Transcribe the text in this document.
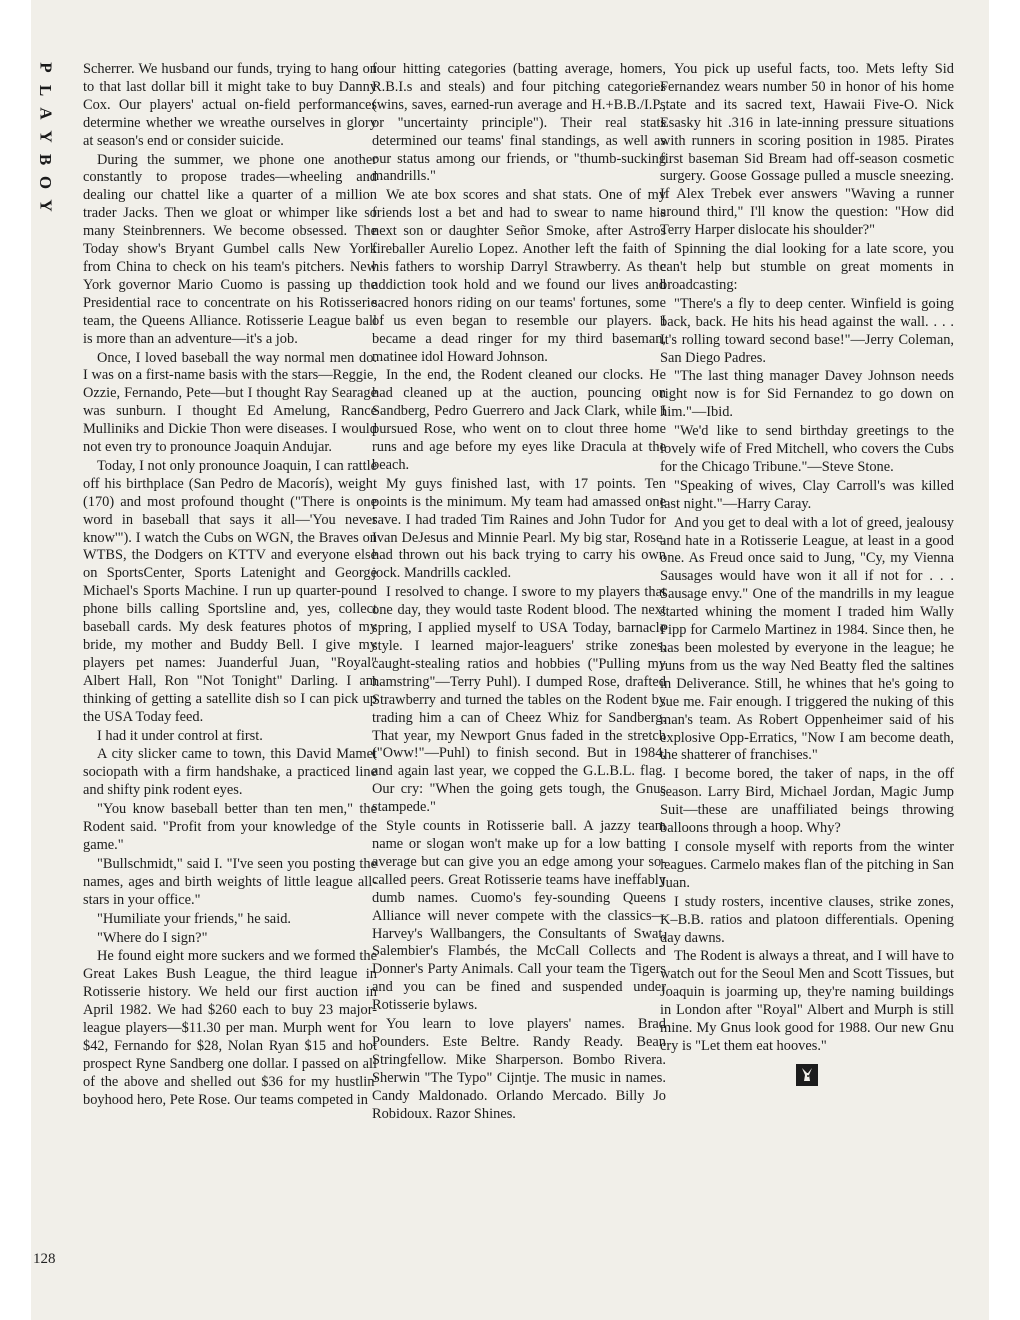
P
L
A
Y
B
O
Y

Scherrer. We husband our funds, trying to hang on to that last dollar bill it might take to buy Danny Cox. Our players' actual on-field performances determine whether we wreathe ourselves in glory at season's end or consider suicide.

During the summer, we phone one another constantly to propose trades—wheeling and dealing our chattel like a quarter of a million trader Jacks. Then we gloat or whimper like so many Steinbrenners. We become obsessed. The Today show's Bryant Gumbel calls New York from China to check on his team's pitchers. New York governor Mario Cuomo is passing up the Presidential race to concentrate on his Rotisserie team, the Queens Alliance. Rotisserie League ball is more than an adventure—it's a job.

Once, I loved baseball the way normal men do. I was on a first-name basis with the stars—Reggie, Ozzie, Fernando, Pete—but I thought Ray Searage was sunburn. I thought Ed Amelung, Rance Mulliniks and Dickie Thon were diseases. I would not even try to pronounce Joaquin Andujar.

Today, I not only pronounce Joaquin, I can rattle off his birthplace (San Pedro de Macorís), weight (170) and most profound thought ("There is one word in baseball that says it all—'You never know'"). I watch the Cubs on WGN, the Braves on WTBS, the Dodgers on KTTV and everyone else on SportsCenter, Sports Latenight and George Michael's Sports Machine. I run up quarter-pound phone bills calling Sportsline and, yes, collect baseball cards. My desk features photos of my bride, my mother and Buddy Bell. I give my players pet names: Juanderful Juan, "Royal" Albert Hall, Ron "Not Tonight" Darling. I am thinking of getting a satellite dish so I can pick up the USA Today feed.

I had it under control at first.

A city slicker came to town, this David Mamet sociopath with a firm handshake, a practiced line and shifty pink rodent eyes.

"You know baseball better than ten men," the Rodent said. "Profit from your knowledge of the game."

"Bullschmidt," said I. "I've seen you posting the names, ages and birth weights of little league all-stars in your office."

"Humiliate your friends," he said.

"Where do I sign?"

He found eight more suckers and we formed the Great Lakes Bush League, the third league in Rotisserie history. We held our first auction in April 1982. We had $260 each to buy 23 major-league players—$11.30 per man. Murph went for $42, Fernando for $28, Nolan Ryan $15 and hot prospect Ryne Sandberg one dollar. I passed on all of the above and shelled out $36 for my hustlin' boyhood hero, Pete Rose. Our teams competed in

four hitting categories (batting average, homers, R.B.I.s and steals) and four pitching categories (wins, saves, earned-run average and H.+B.B./I.P., or "uncertainty principle"). Their real stats determined our teams' final standings, as well as our status among our friends, or "thumb-sucking mandrills."

We ate box scores and shat stats. One of my friends lost a bet and had to swear to name his next son or daughter Señor Smoke, after Astros fireballer Aurelio Lopez. Another left the faith of his fathers to worship Darryl Strawberry. As the addiction took hold and we found our lives and sacred honors riding on our teams' fortunes, some of us even began to resemble our players. I became a dead ringer for my third baseman, matinee idol Howard Johnson.

In the end, the Rodent cleaned our clocks. He had cleaned up at the auction, pouncing on Sandberg, Pedro Guerrero and Jack Clark, while I pursued Rose, who went on to clout three home runs and age before my eyes like Dracula at the beach.

My guys finished last, with 17 points. Ten points is the minimum. My team had amassed one save. I had traded Tim Raines and John Tudor for Ivan DeJesus and Minnie Pearl. My big star, Rose, had thrown out his back trying to carry his own jock. Mandrills cackled.

I resolved to change. I swore to my players that one day, they would taste Rodent blood. The next spring, I applied myself to USA Today, barnacle style. I learned major-leaguers' strike zones, caught-stealing ratios and hobbies ("Pulling my hamstring"—Terry Puhl). I dumped Rose, drafted Strawberry and turned the tables on the Rodent by trading him a can of Cheez Whiz for Sandberg. That year, my Newport Gnus faded in the stretch ("Oww!"—Puhl) to finish second. But in 1984, and again last year, we copped the G.L.B.L. flag. Our cry: "When the going gets tough, the Gnus stampede."

Style counts in Rotisserie ball. A jazzy team name or slogan won't make up for a low batting average but can give you an edge among your so-called peers. Great Rotisserie teams have ineffably dumb names. Cuomo's fey-sounding Queens Alliance will never compete with the classics—Harvey's Wallbangers, the Consultants of Swat, Salembier's Flambés, the McCall Collects and Donner's Party Animals. Call your team the Tigers and you can be fined and suspended under Rotisserie bylaws.

You learn to love players' names. Brad Pounders. Este Beltre. Randy Ready. Bean Stringfellow. Mike Sharperson. Bombo Rivera. Sherwin "The Typo" Cijntje. The music in names. Candy Maldonado. Orlando Mercado. Billy Jo Robidoux. Razor Shines.

You pick up useful facts, too. Mets lefty Sid Fernandez wears number 50 in honor of his home state and its sacred text, Hawaii Five-O. Nick Esasky hit .316 in late-inning pressure situations with runners in scoring position in 1985. Pirates first baseman Sid Bream had off-season cosmetic surgery. Goose Gossage pulled a muscle sneezing. If Alex Trebek ever answers "Waving a runner around third," I'll know the question: "How did Terry Harper dislocate his shoulder?"

Spinning the dial looking for a late score, you can't help but stumble on great moments in broadcasting:

"There's a fly to deep center. Winfield is going back, back. He hits his head against the wall. . . . It's rolling toward second base!"—Jerry Coleman, San Diego Padres.

"The last thing manager Davey Johnson needs right now is for Sid Fernandez to go down on him."—Ibid.

"We'd like to send birthday greetings to the lovely wife of Fred Mitchell, who covers the Cubs for the Chicago Tribune."—Steve Stone.

"Speaking of wives, Clay Carroll's was killed last night."—Harry Caray.

And you get to deal with a lot of greed, jealousy and hate in a Rotisserie League, at least in a good one. As Freud once said to Jung, "Cy, my Vienna Sausages would have won it all if not for . . . Sausage envy." One of the mandrills in my league started whining the moment I traded him Wally Pipp for Carmelo Martinez in 1984. Since then, he has been molested by everyone in the league; he runs from us the way Ned Beatty fled the saltines in Deliverance. Still, he whines that he's going to sue me. Fair enough. I triggered the nuking of this man's team. As Robert Oppenheimer said of his explosive Opp-Erratics, "Now I am become death, the shatterer of franchises."

I become bored, the taker of naps, in the off season. Larry Bird, Michael Jordan, Magic Jump Suit—these are unaffiliated beings throwing balloons through a hoop. Why?

I console myself with reports from the winter leagues. Carmelo makes flan of the pitching in San Juan.

I study rosters, incentive clauses, strike zones, K–B.B. ratios and platoon differentials. Opening day dawns.

The Rodent is always a threat, and I will have to watch out for the Seoul Men and Scott Tissues, but Joaquin is joarming up, they're naming buildings in London after "Royal" Albert and Murph is still mine. My Gnus look good for 1988. Our new Gnu cry is "Let them eat hooves."

128
